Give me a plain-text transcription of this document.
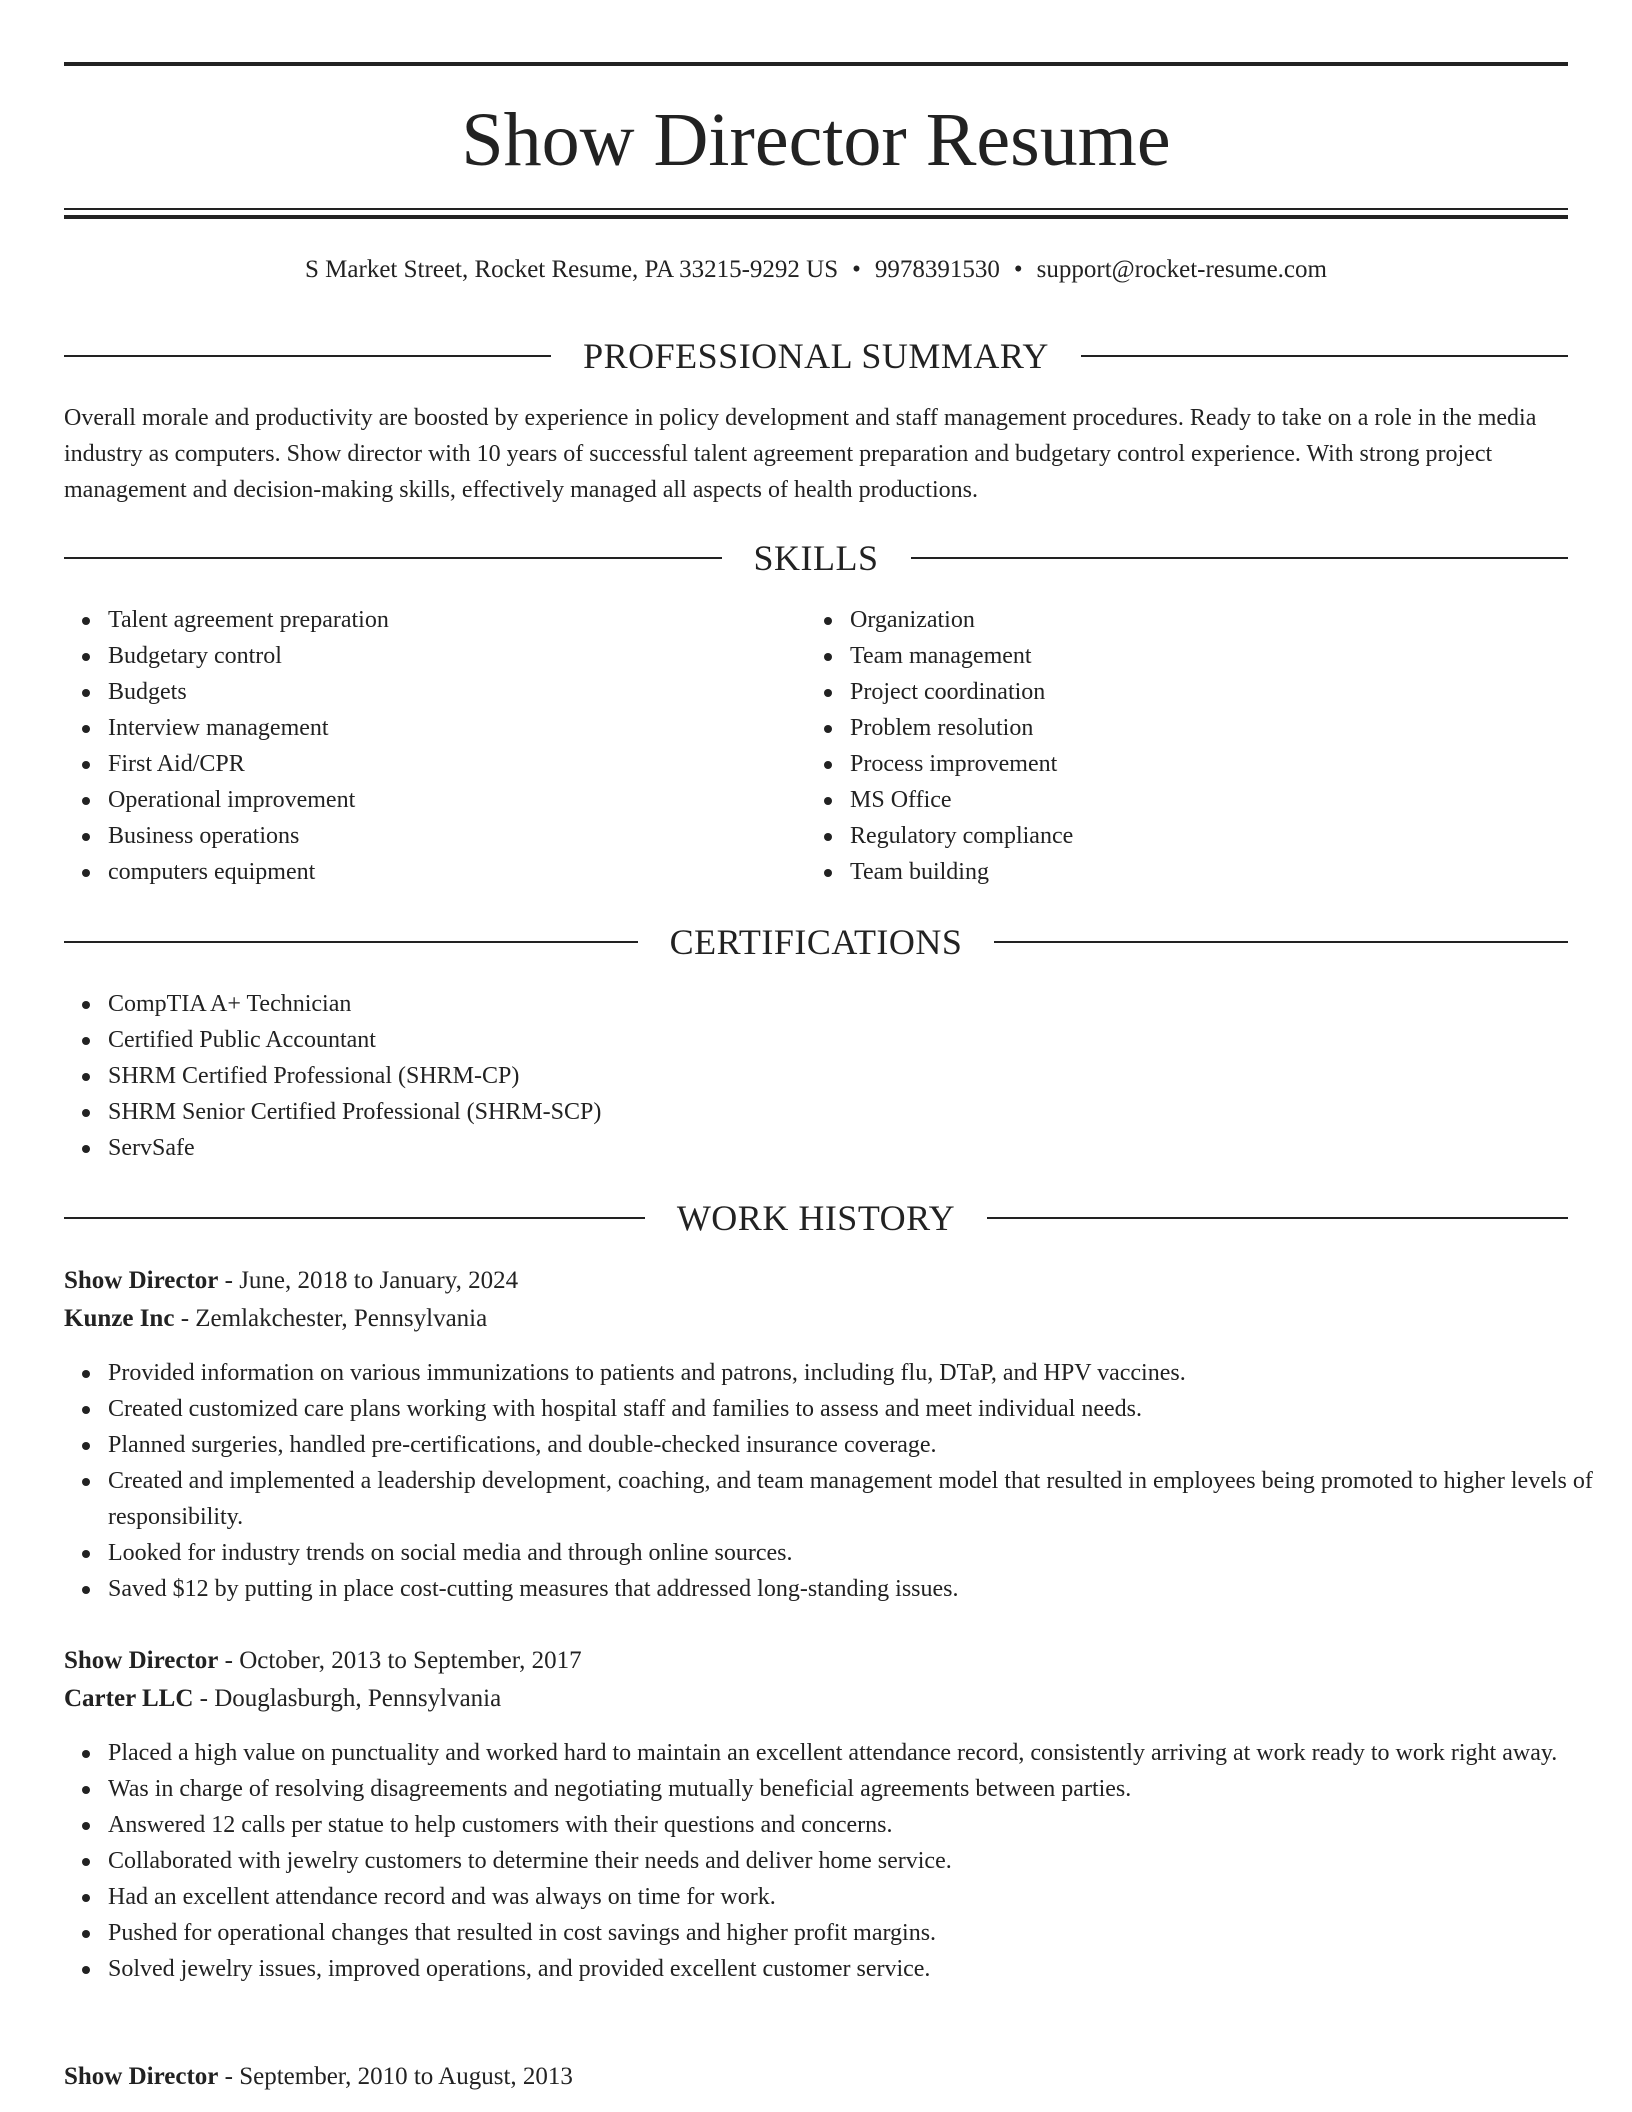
Show Director Resume
S Market Street, Rocket Resume, PA 33215-9292 US • 9978391530 • support@rocket-resume.com
PROFESSIONAL SUMMARY

Overall morale and productivity are boosted by experience in policy development and staff management procedures. Ready to take on a role in the media industry as computers. Show director with 10 years of successful talent agreement preparation and budgetary control experience. With strong project management and decision-making skills, effectively managed all aspects of health productions.

SKILLS
Talent agreement preparation
Budgetary control
Budgets
Interview management
First Aid/CPR
Operational improvement
Business operations
computers equipment
Organization
Team management
Project coordination
Problem resolution
Process improvement
MS Office
Regulatory compliance
Team building
CERTIFICATIONS
CompTIA A+ Technician
Certified Public Accountant
SHRM Certified Professional (SHRM-CP)
SHRM Senior Certified Professional (SHRM-SCP)
ServSafe
WORK HISTORY
Show Director - June, 2018 to January, 2024
Kunze Inc - Zemlakchester, Pennsylvania
Provided information on various immunizations to patients and patrons, including flu, DTaP, and HPV vaccines.
Created customized care plans working with hospital staff and families to assess and meet individual needs.
Planned surgeries, handled pre-certifications, and double-checked insurance coverage.
Created and implemented a leadership development, coaching, and team management model that resulted in employees being promoted to higher levels of responsibility.
Looked for industry trends on social media and through online sources.
Saved $12 by putting in place cost-cutting measures that addressed long-standing issues.
Show Director - October, 2013 to September, 2017
Carter LLC - Douglasburgh, Pennsylvania
Placed a high value on punctuality and worked hard to maintain an excellent attendance record, consistently arriving at work ready to work right away.
Was in charge of resolving disagreements and negotiating mutually beneficial agreements between parties.
Answered 12 calls per statue to help customers with their questions and concerns.
Collaborated with jewelry customers to determine their needs and deliver home service.
Had an excellent attendance record and was always on time for work.
Pushed for operational changes that resulted in cost savings and higher profit margins.
Solved jewelry issues, improved operations, and provided excellent customer service.
Show Director - September, 2010 to August, 2013
